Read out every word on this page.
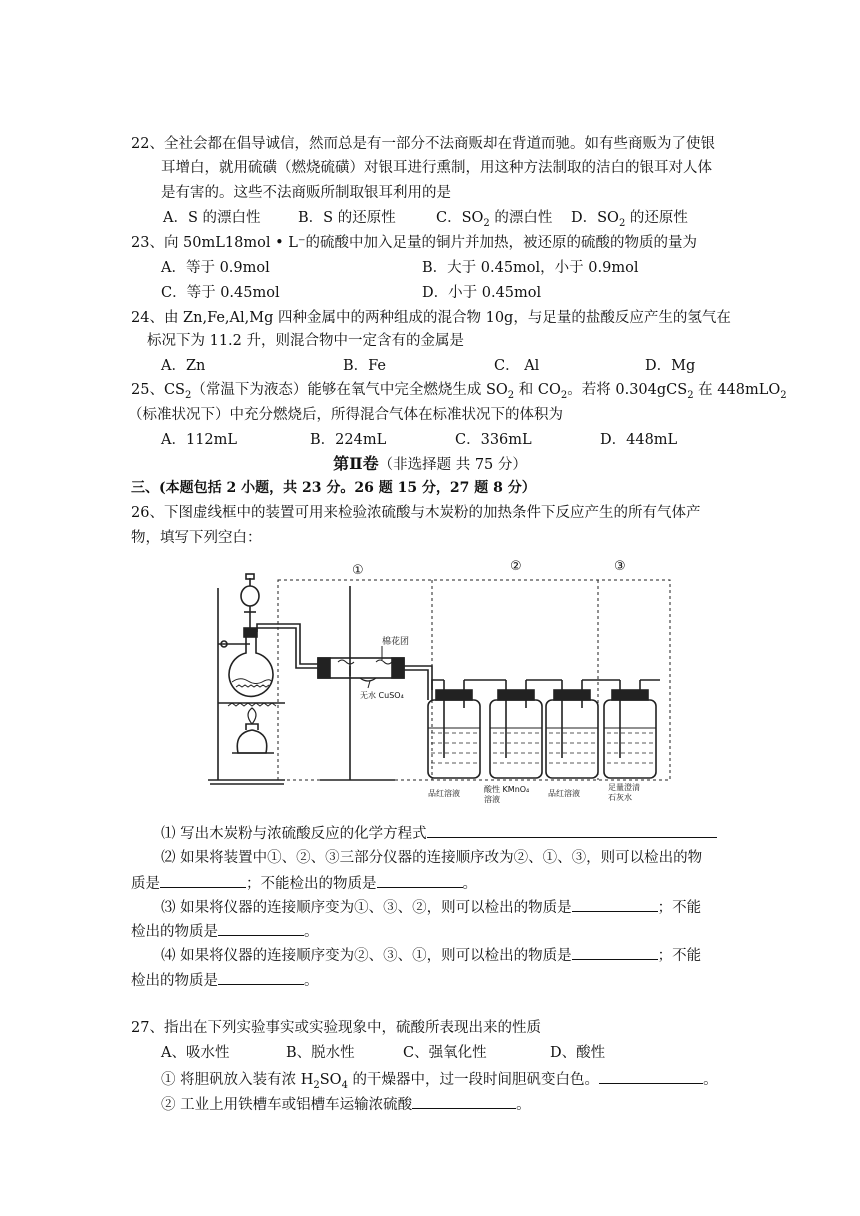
22、全社会都在倡导诚信，然而总是有一部分不法商贩却在背道而驰。如有些商贩为了使银
耳增白，就用硫磺（燃烧硫磺）对银耳进行熏制，用这种方法制取的洁白的银耳对人体
是有害的。这些不法商贩所制取银耳利用的是
A．S 的漂白性	B．S 的还原性	C．$SO_2$ 的漂白性 D．$SO_2$ 的还原性
23、向 50mL18mol • L⁻的硫酸中加入足量的铜片并加热，被还原的硫酸的物质的量为
A．等于 0.9mol	B．大于 0.45mol，小于 0.9mol
C．等于 0.45mol	D．小于 0.45mol
24、由 Zn,Fe,Al,Mg 四种金属中的两种组成的混合物 10g，与足量的盐酸反应产生的氢气在
标况下为 11.2 升，则混合物中一定含有的金属是
A．Zn	B．Fe	C． Al	D．Mg
25、$CS_2$（常温下为液态）能够在氧气中完全燃烧生成 $SO_2$ 和 $CO_2$。若将 0.304gCS$_2$ 在 448mLO$_2$
（标准状况下）中充分燃烧后，所得混合气体在标准状况下的体积为
A．112mL	B．224mL	C．336mL	D．448mL
第Ⅱ卷（非选择题 共 75 分）
三、(本题包括 2 小题，共 23 分。26 题 15 分，27 题 8 分）
26、下图虚线框中的装置可用来检验浓硫酸与木炭粉的加热条件下反应产生的所有气体产
物，填写下列空白：
①	②	③
棉花团
无水 CuSO₄
品红溶液	酸性 KMnO₄
溶液
品红溶液
足量澄清
石灰水
⑴ 写出木炭粉与浓硫酸反应的化学方程式
⑵ 如果将装置中①、②、③三部分仪器的连接顺序改为②、①、③，则可以检出的物
质是	；不能检出的物质是	。
⑶ 如果将仪器的连接顺序变为①、③、②，则可以检出的物质是	；不能
检出的物质是	。
⑷ 如果将仪器的连接顺序变为②、③、①，则可以检出的物质是	；不能
检出的物质是	。
27、指出在下列实验事实或实验现象中，硫酸所表现出来的性质
A、吸水性	B、脱水性	C、强氧化性	D、酸性
① 将胆矾放入装有浓 $H_2SO_4$ 的干燥器中，过一段时间胆矾变白色。	。
② 工业上用铁槽车或铝槽车运输浓硫酸	。
